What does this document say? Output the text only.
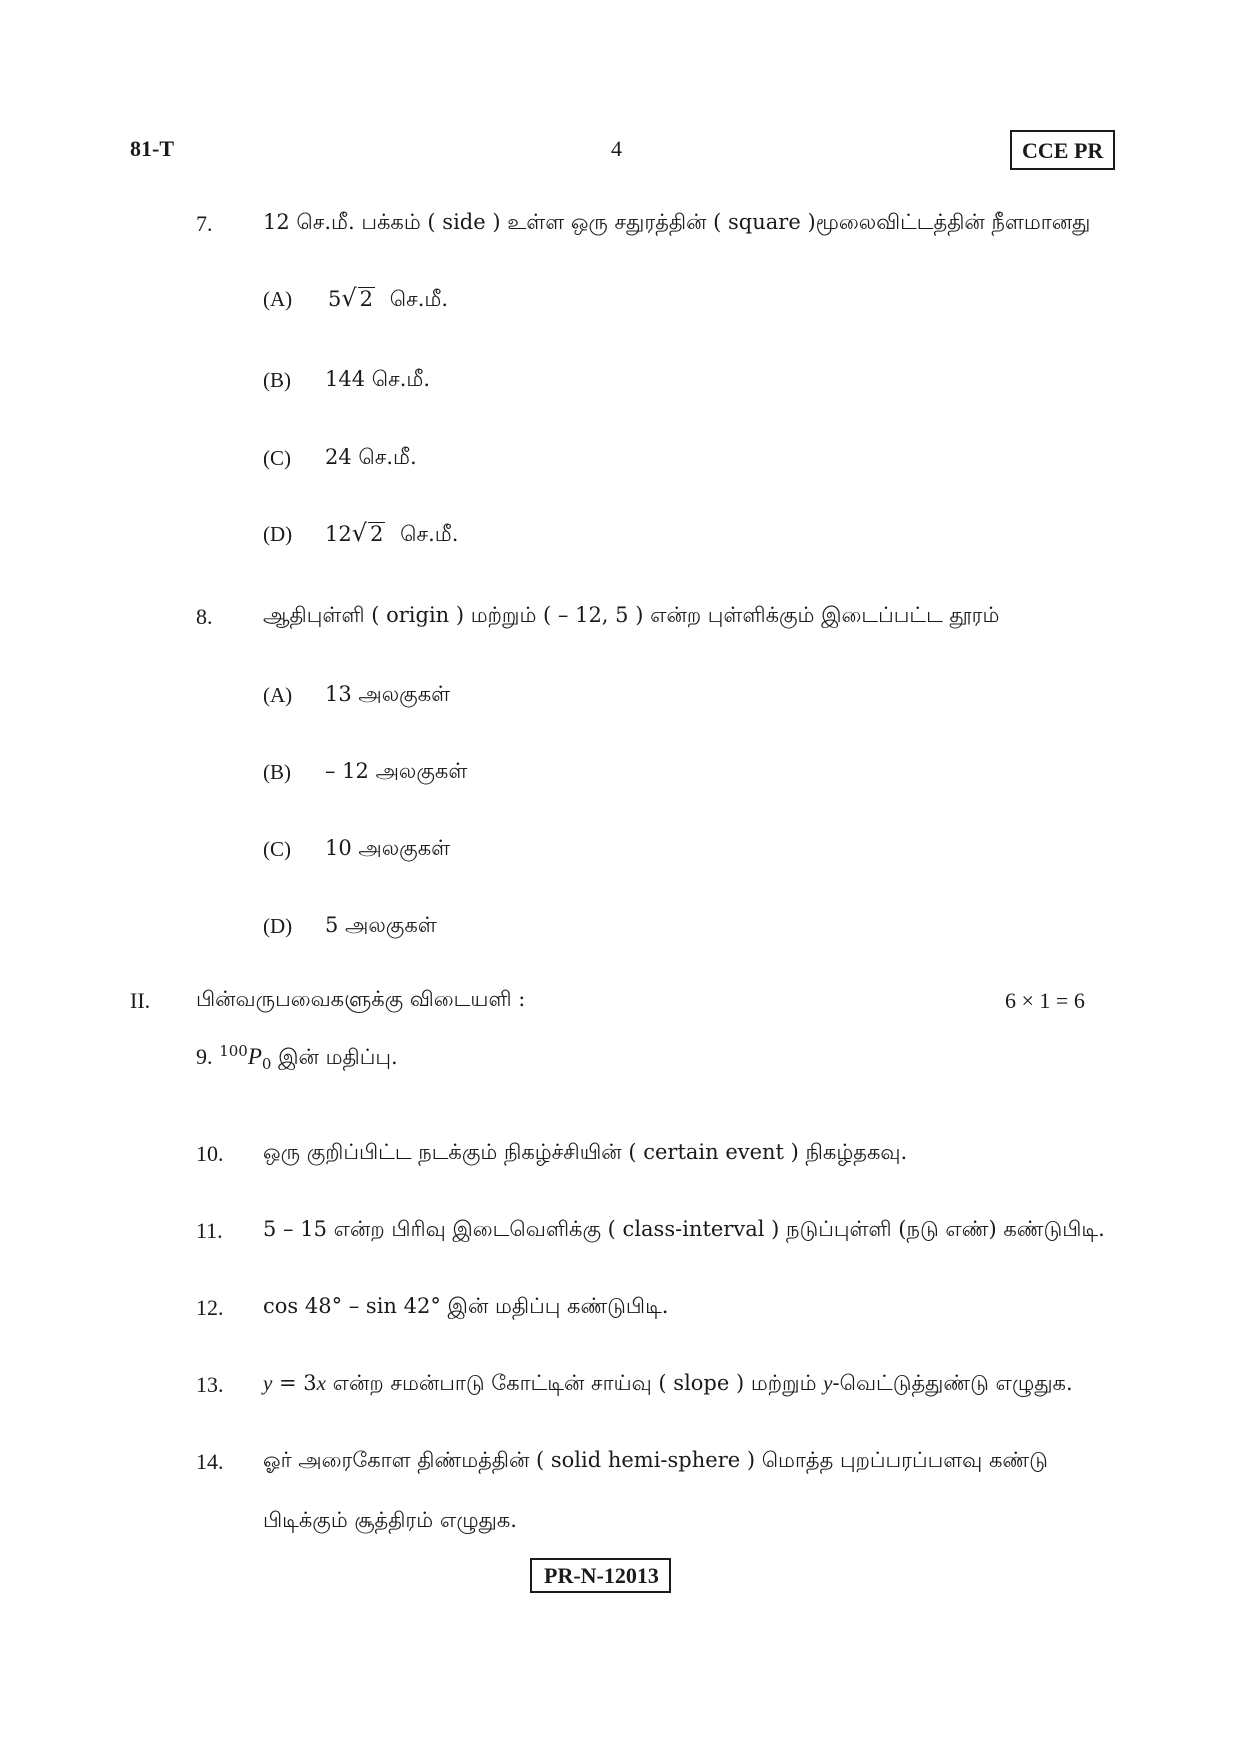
81-T	4	CCE PR
7. 12 செ.மீ. பக்கம் ( side ) உள்ள ஒரு சதுரத்தின் ( square )மூலைவிட்டத்தின் நீளமானது
(A) 5√ 2 செ.மீ.
(B) 144 செ.மீ.
(C) 24 செ.மீ.
(D) 12√ 2 செ.மீ.
8. ஆதிபுள்ளி ( origin ) மற்றும் ( – 12, 5 ) என்ற புள்ளிக்கும் இடைப்பட்ட தூரம்
(A) 13 அலகுகள்
(B) – 12 அலகுகள்
(C) 10 அலகுகள்
(D) 5 அலகுகள்
II. பின்வருபவைகளுக்கு விடையளி :	6 × 1 = 6
9. $^{100}P_0$ இன் மதிப்பு.
10. ஒரு குறிப்பிட்ட நடக்கும் நிகழ்ச்சியின் ( certain event ) நிகழ்தகவு.
11. 5 – 15 என்ற பிரிவு இடைவெளிக்கு ( class-interval ) நடுப்புள்ளி (நடு எண்) கண்டுபிடி.
12. cos 48° – sin 42° இன் மதிப்பு கண்டுபிடி.
13. y = 3x என்ற சமன்பாடு கோட்டின் சாய்வு ( slope ) மற்றும் y-வெட்டுத்துண்டு எழுதுக.
14. ஓர் அரைகோள திண்மத்தின் ( solid hemi-sphere ) மொத்த புறப்பரப்பளவு கண்டு
பிடிக்கும் சூத்திரம் எழுதுக.
PR-N-12013
